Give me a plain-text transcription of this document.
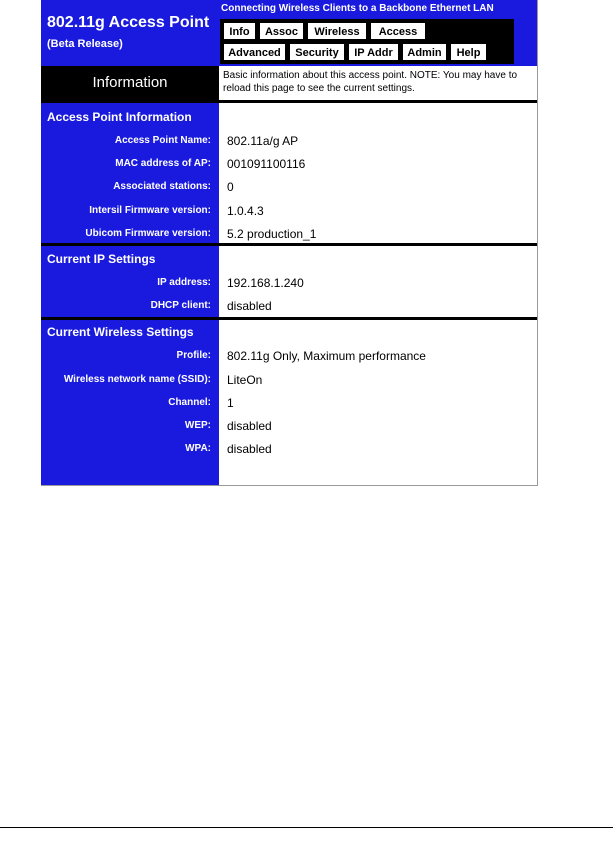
802.11g Access Point
(Beta Release)
Connecting Wireless Clients to a Backbone Ethernet LAN
Info	Assoc	Wireless	Access
Advanced	Security	IP Addr	Admin	Help
Information	Basic information about this access point. NOTE: You may have to reload this page to see the current settings.
Access Point Information
Access Point Name: 802.11a/g AP
MAC address of AP: 001091100116
Associated stations: 0
Intersil Firmware version: 1.0.4.3
Ubicom Firmware version: 5.2 production_1
Current IP Settings
IP address: 192.168.1.240
DHCP client: disabled
Current Wireless Settings
Profile: 802.11g Only, Maximum performance
Wireless network name (SSID): LiteOn
Channel: 1
WEP: disabled
WPA: disabled
